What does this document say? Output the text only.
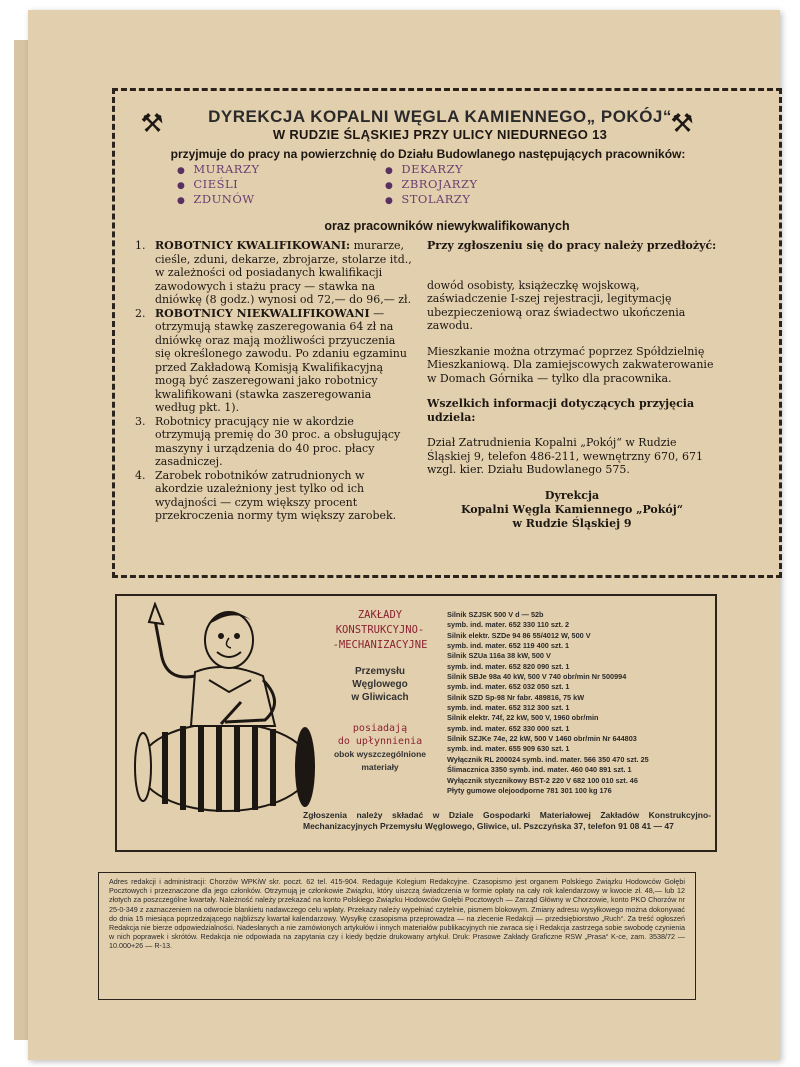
⚒	⚒
DYREKCJA KOPALNI WĘGLA KAMIENNEGO„ POKÓJ“
W RUDZIE ŚLĄSKIEJ PRZY ULICY NIEDURNEGO 13
przyjmuje do pracy na powierzchnię do Działu Budowlanego następujących pracowników:
● MURARZY
● CIEŚLI
● ZDUNÓW
● DEKARZY
● ZBROJARZY
● STOLARZY
oraz pracowników niewykwalifikowanych
1. ROBOTNICY KWALIFIKOWANI: murarze, cieśle, zduni, dekarze, zbrojarze, stolarze itd., w zależności od posiadanych kwalifikacji zawodowych i stażu pracy — stawka na dniówkę (8 godz.) wynosi od 72,— do 96,— zł.
2. ROBOTNICY NIEKWALIFIKOWANI — otrzymują stawkę zaszeregowania 64 zł na dniówkę oraz mają możliwości przyuczenia się określonego zawodu. Po zdaniu egzaminu przed Zakładową Komisją Kwalifikacyjną mogą być zaszeregowani jako robotnicy kwalifikowani (stawka zaszeregowania według pkt. 1).
3. Robotnicy pracujący nie w akordzie otrzymują premię do 30 proc. a obsługujący maszyny i urządzenia do 40 proc. płacy zasadniczej.
4. Zarobek robotników zatrudnionych w akordzie uzależniony jest tylko od ich wydajności — czym większy procent przekroczenia normy tym większy zarobek.
Przy zgłoszeniu się do pracy należy przedłożyć:
dowód osobisty, książeczkę wojskową, zaświadczenie I-szej rejestracji, legitymację ubezpieczeniową oraz świadectwo ukończenia zawodu.
Mieszkanie można otrzymać poprzez Spółdzielnię Mieszkaniową. Dla zamiejscowych zakwaterowanie w Domach Górnika — tylko dla pracownika.
Wszelkich informacji dotyczących przyjęcia udziela:
Dział Zatrudnienia Kopalni „Pokój“ w Rudzie Śląskiej 9, telefon 486-211, wewnętrzny 670, 671 wzgl. kier. Działu Budowlanego 575.
Dyrekcja
Kopalni Węgla Kamiennego „Pokój“
w Rudzie Śląskiej 9
ZAKŁADY
KONSTRUKCYJNO-
-MECHANIZACYJNE
Przemysłu
Węglowego
w Gliwicach
posiadają
do upłynnienia
obok wyszczególnione
materiały
Silnik SZJSK 500 V d — 52b
symb. ind. mater. 652 330 110 szt. 2
Silnik elektr. SZDe 94 86 55/4012 W, 500 V
symb. ind. mater. 652 119 400 szt. 1
Silnik SZUa 116a 38 kW, 500 V
symb. ind. mater. 652 820 090 szt. 1
Silnik SBJe 98a 40 kW, 500 V 740 obr/min Nr 500994
symb. ind. mater. 652 032 050 szt. 1
Silnik SZD Sp-98 Nr fabr. 489816, 75 kW
symb. ind. mater. 652 312 300 szt. 1
Silnik elektr. 74f, 22 kW, 500 V, 1960 obr/min
symb. ind. mater. 652 330 000 szt. 1
Silnik SZJKe 74e, 22 kW, 500 V 1460 obr/min Nr 644803
symb. ind. mater. 655 909 630 szt. 1
Wyłącznik RL 200024 symb. ind. mater. 566 350 470 szt. 25
Ślimacznica 3350 symb. ind. mater. 460 040 891 szt. 1
Wyłącznik stycznikowy BST-2 220 V 682 100 010 szt. 46
Płyty gumowe olejoodporne 781 301 100 kg 176
Zgłoszenia należy składać w Dziale Gospodarki Materiałowej Zakładów Konstrukcyjno-Mechanizacyjnych Przemysłu Węglowego, Gliwice, ul. Pszczyńska 37, telefon 91 08 41 — 47
Adres redakcji i administracji: Chorzów WPKiW skr. poczt. 62 tel. 415-904. Redaguje Kolegium Redakcyjne. Czasopismo jest organem Polskiego Związku Hodowców Gołębi Pocztowych i przeznaczone dla jego członków. Otrzymują je członkowie Związku, który uiszczą świadczenia w formie opłaty na cały rok kalendarzowy w kwocie zł. 48,— lub 12 złotych za poszczególne kwartały. Należność należy przekazać na konto Polskiego Związku Hodowców Gołębi Pocztowych — Zarząd Główny w Chorzowie, konto PKO Chorzów nr 25-0-349 z zaznaczeniem na odwrocie blankietu nadawczego celu wpłaty. Przekazy należy wypełniać czytelnie, pismem blokowym. Zmiany adresu wysyłkowego można dokonywać do dnia 15 miesiąca poprzedzającego najbliższy kwartał kalendarzowy. Wysyłkę czasopisma przeprowadza — na zlecenie Redakcji — przedsiębiorstwo „Ruch“. Za treść ogłoszeń Redakcja nie bierze odpowiedzialności. Nadesłanych a nie zamówionych artykułów i innych materiałów publikacyjnych nie zwraca się i Redakcja zastrzega sobie swobodę czynienia w nich poprawek i skrótów. Redakcja nie odpowiada na zapytania czy i kiedy będzie drukowany artykuł. Druk: Prasowe Zakłady Graficzne RSW „Prasa“ K-ce, zam. 3538/72 — 10.000+26 — R-13.
